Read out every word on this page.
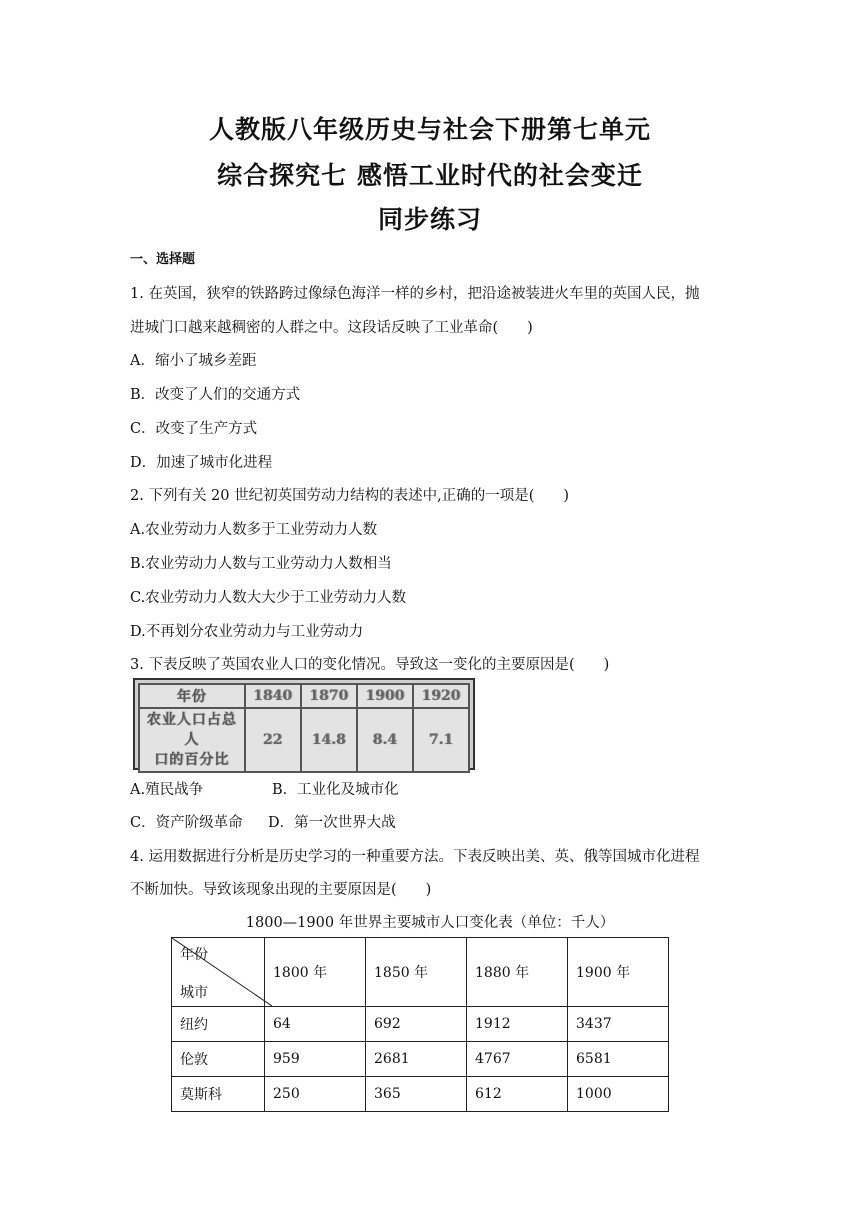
人教版八年级历史与社会下册第七单元
综合探究七 感悟工业时代的社会变迁
同步练习
一、选择题
1. 在英国，狭窄的铁路跨过像绿色海洋一样的乡村，把沿途被装进火车里的英国人民，抛
进城门口越来越稠密的人群之中。这段话反映了工业革命(　　)
A．缩小了城乡差距
B．改变了人们的交通方式
C．改变了生产方式
D．加速了城市化进程
2. 下列有关 20 世纪初英国劳动力结构的表述中,正确的一项是(　　)
A.农业劳动力人数多于工业劳动力人数
B.农业劳动力人数与工业劳动力人数相当
C.农业劳动力人数大大少于工业劳动力人数
D.不再划分农业劳动力与工业劳动力
3. 下表反映了英国农业人口的变化情况。导致这一变化的主要原因是(　　)
年份	1840	1870	1900	1920
农业人口占总人
口的百分比	22	14.8	8.4	7.1
A.殖民战争	B．工业化及城市化
C．资产阶级革命	D．第一次世界大战
4. 运用数据进行分析是历史学习的一种重要方法。下表反映出美、英、俄等国城市化进程
不断加快。导致该现象出现的主要原因是(　　)
1800—1900 年世界主要城市人口变化表（单位：千人）
年份
城市	1800 年	1850 年	1880 年	1900 年
纽约	64	692	1912	3437
伦敦	959	2681	4767	6581
莫斯科	250	365	612	1000
